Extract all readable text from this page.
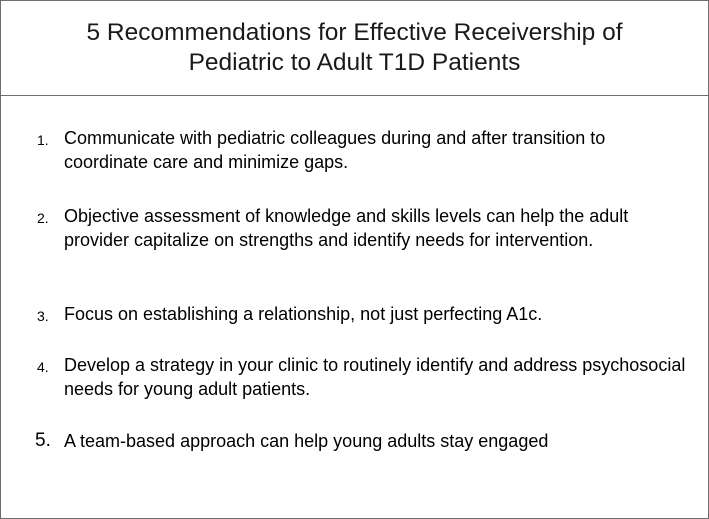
5 Recommendations for Effective Receivership of
Pediatric to Adult T1D Patients
1. Communicate with pediatric colleagues during and after transition to coordinate care and minimize gaps.
2. Objective assessment of knowledge and skills levels can help the adult provider capitalize on strengths and identify needs for intervention.
3. Focus on establishing a relationship, not just perfecting A1c.
4. Develop a strategy in your clinic to routinely identify and address psychosocial needs for young adult patients.
5. A team-based approach can help young adults stay engaged
